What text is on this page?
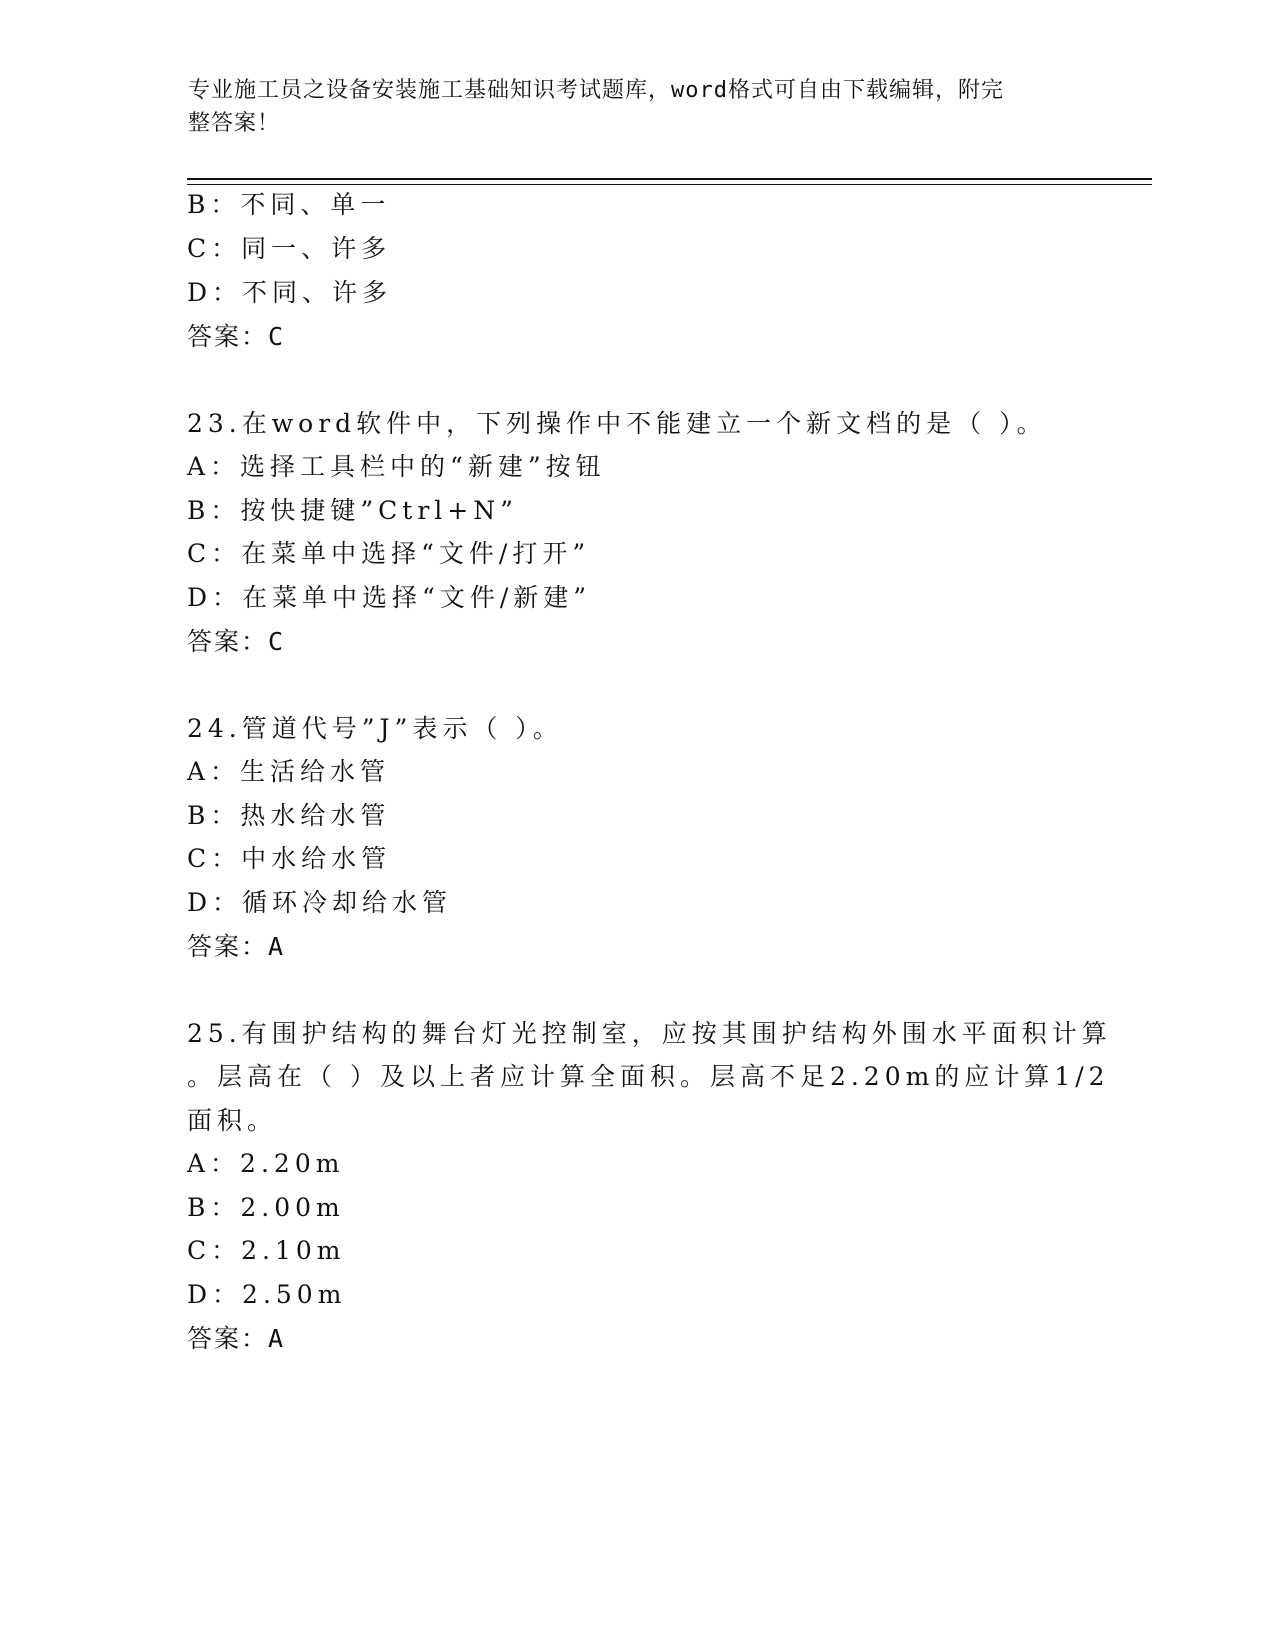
专业施工员之设备安装施工基础知识考试题库，word格式可自由下载编辑，附完
整答案！
B：不同、单一
C：同一、许多
D：不同、许多
答案：C
23.在word软件中，下列操作中不能建立一个新文档的是（ ）。
A：选择工具栏中的“新建”按钮
B：按快捷键”Ctrl+N”
C：在菜单中选择“文件/打开”
D：在菜单中选择“文件/新建”
答案：C
24.管道代号”J”表示（ ）。
A：生活给水管
B：热水给水管
C：中水给水管
D：循环冷却给水管
答案：A
25.有围护结构的舞台灯光控制室，应按其围护结构外围水平面积计算
。层高在（ ）及以上者应计算全面积。层高不足2.20m的应计算1/2
面积。
A：2.20m
B：2.00m
C：2.10m
D：2.50m
答案：A
